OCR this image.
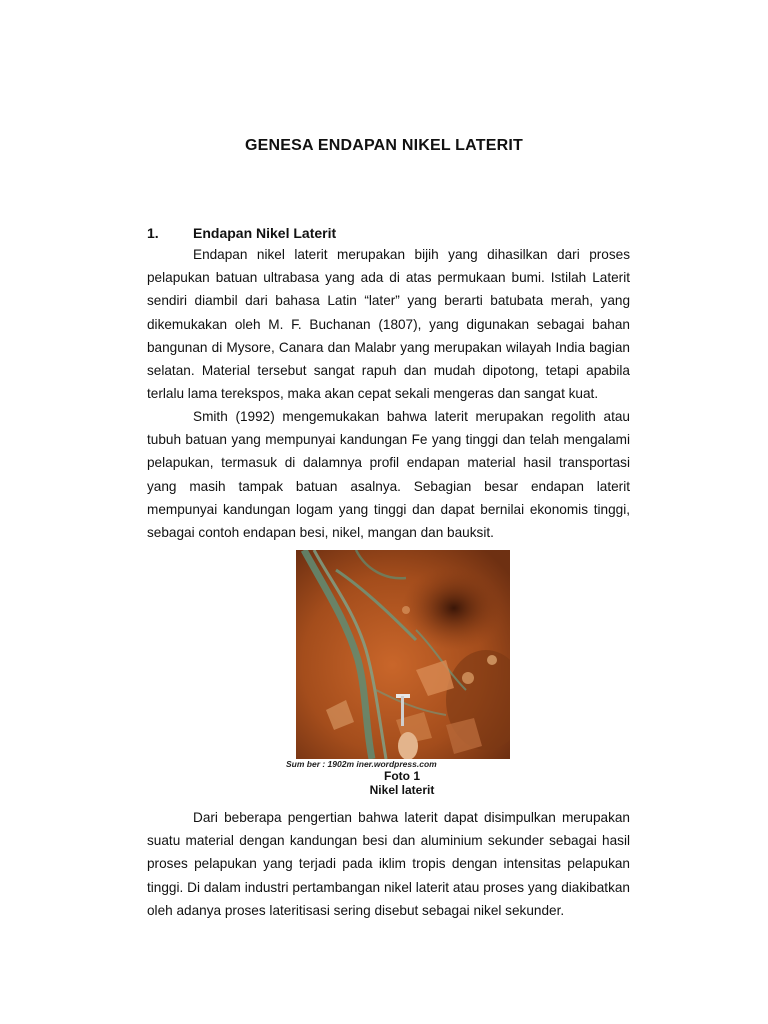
GENESA ENDAPAN NIKEL LATERIT
1. Endapan Nikel Laterit

Endapan nikel laterit merupakan bijih yang dihasilkan dari proses pelapukan batuan ultrabasa yang ada di atas permukaan bumi. Istilah Laterit sendiri diambil dari bahasa Latin “later” yang berarti batubata merah, yang dikemukakan oleh M. F. Buchanan (1807), yang digunakan sebagai bahan bangunan di Mysore, Canara dan Malabr yang merupakan wilayah India bagian selatan. Material tersebut sangat rapuh dan mudah dipotong, tetapi apabila terlalu lama terekspos, maka akan cepat sekali mengeras dan sangat kuat.

Smith (1992) mengemukakan bahwa laterit merupakan regolith atau tubuh batuan yang mempunyai kandungan Fe yang tinggi dan telah mengalami pelapukan, termasuk di dalamnya profil endapan material hasil transportasi yang masih tampak batuan asalnya. Sebagian besar endapan laterit mempunyai kandungan logam yang tinggi dan dapat bernilai ekonomis tinggi, sebagai contoh endapan besi, nikel, mangan dan bauksit.

Sum ber : 1902m iner.wordpress.com
Foto 1
Nikel laterit

Dari beberapa pengertian bahwa laterit dapat disimpulkan merupakan suatu material dengan kandungan besi dan aluminium sekunder sebagai hasil proses pelapukan yang terjadi pada iklim tropis dengan intensitas pelapukan tinggi. Di dalam industri pertambangan nikel laterit atau proses yang diakibatkan oleh adanya proses lateritisasi sering disebut sebagai nikel sekunder.
